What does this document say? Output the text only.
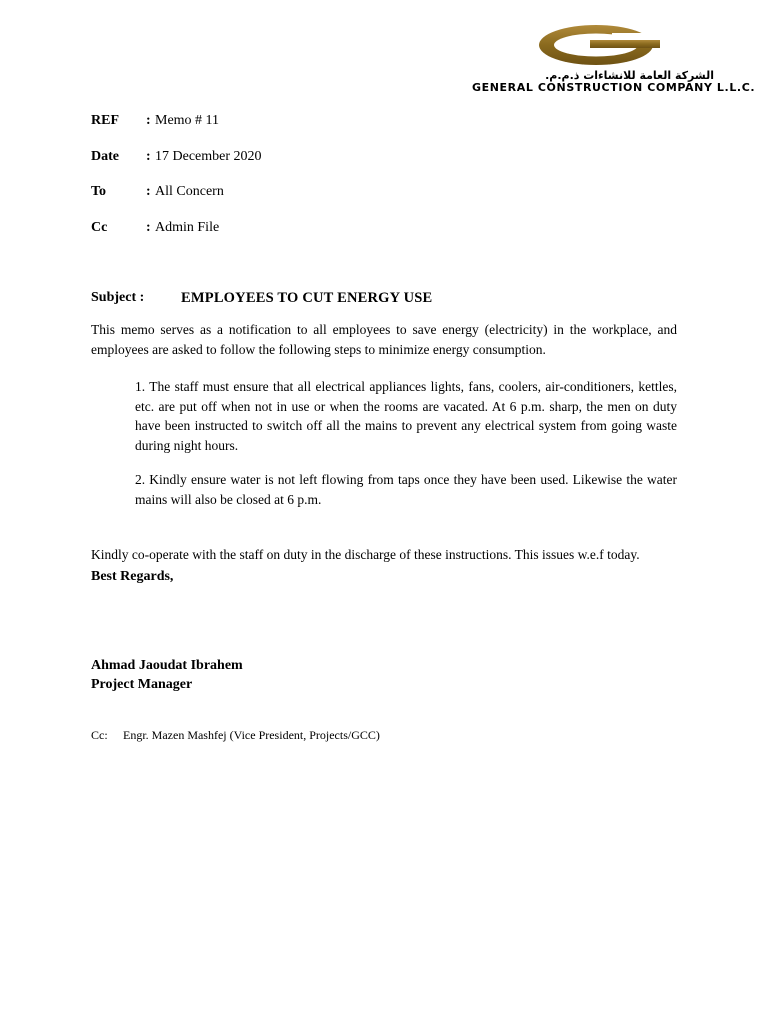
الشركة العامة للانشاءات ذ.م.م.
GENERAL CONSTRUCTION COMPANY L.L.C.
REF : Memo # 11
Date : 17 December 2020
To	: All Concern
Cc	: Admin File
Subject :	EMPLOYEES TO CUT ENERGY USE
This memo serves as a notification to all employees to save energy (electricity) in the workplace, and employees are asked to follow the following steps to minimize energy consumption.
1. The staff must ensure that all electrical appliances lights, fans, coolers, air-conditioners, kettles, etc. are put off when not in use or when the rooms are vacated. At 6 p.m. sharp, the men on duty have been instructed to switch off all the mains to prevent any electrical system from going waste during night hours.
2. Kindly ensure water is not left flowing from taps once they have been used. Likewise the water mains will also be closed at 6 p.m.
Kindly co-operate with the staff on duty in the discharge of these instructions. This issues w.e.f today.
Best Regards,
Ahmad Jaoudat Ibrahem
Project Manager
Cc: Engr. Mazen Mashfej (Vice President, Projects/GCC)
